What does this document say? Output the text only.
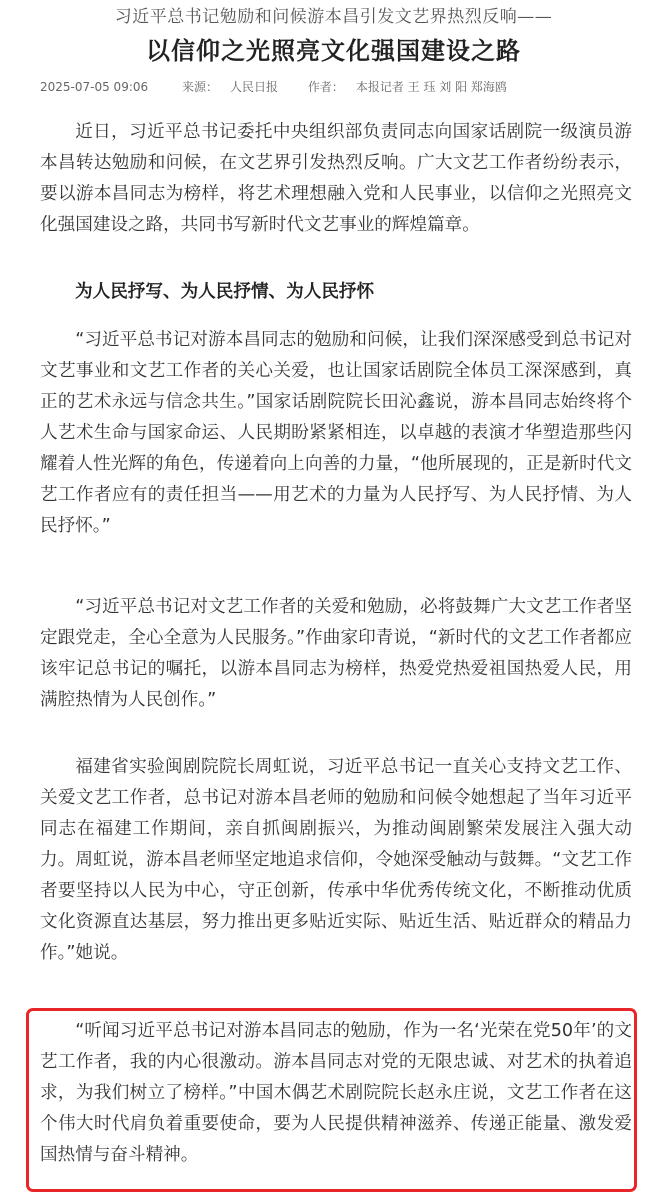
习近平总书记勉励和问候游本昌引发文艺界热烈反响——
以信仰之光照亮文化强国建设之路
2025-07-05 09:06	来源： 人民日报 作者： 本报记者 王 珏 刘 阳 郑海鸥

近日，习近平总书记委托中央组织部负责同志向国家话剧院一级演员游本昌转达勉励和问候，在文艺界引发热烈反响。广大文艺工作者纷纷表示，要以游本昌同志为榜样，将艺术理想融入党和人民事业，以信仰之光照亮文化强国建设之路，共同书写新时代文艺事业的辉煌篇章。

为人民抒写、为人民抒情、为人民抒怀

“习近平总书记对游本昌同志的勉励和问候，让我们深深感受到总书记对文艺事业和文艺工作者的关心关爱，也让国家话剧院全体员工深深感到，真正的艺术永远与信念共生。”国家话剧院院长田沁鑫说，游本昌同志始终将个人艺术生命与国家命运、人民期盼紧紧相连，以卓越的表演才华塑造那些闪耀着人性光辉的角色，传递着向上向善的力量，“他所展现的，正是新时代文艺工作者应有的责任担当——用艺术的力量为人民抒写、为人民抒情、为人民抒怀。”

“习近平总书记对文艺工作者的关爱和勉励，必将鼓舞广大文艺工作者坚定跟党走，全心全意为人民服务。”作曲家印青说，“新时代的文艺工作者都应该牢记总书记的嘱托，以游本昌同志为榜样，热爱党热爱祖国热爱人民，用满腔热情为人民创作。”

福建省实验闽剧院院长周虹说，习近平总书记一直关心支持文艺工作、关爱文艺工作者，总书记对游本昌老师的勉励和问候令她想起了当年习近平同志在福建工作期间，亲自抓闽剧振兴，为推动闽剧繁荣发展注入强大动力。周虹说，游本昌老师坚定地追求信仰，令她深受触动与鼓舞。“文艺工作者要坚持以人民为中心，守正创新，传承中华优秀传统文化，不断推动优质文化资源直达基层，努力推出更多贴近实际、贴近生活、贴近群众的精品力作。”她说。

“听闻习近平总书记对游本昌同志的勉励，作为一名‘光荣在党50年’的文艺工作者，我的内心很激动。游本昌同志对党的无限忠诚、对艺术的执着追求，为我们树立了榜样。”中国木偶艺术剧院院长赵永庄说，文艺工作者在这个伟大时代肩负着重要使命，要为人民提供精神滋养、传递正能量、激发爱国热情与奋斗精神。
